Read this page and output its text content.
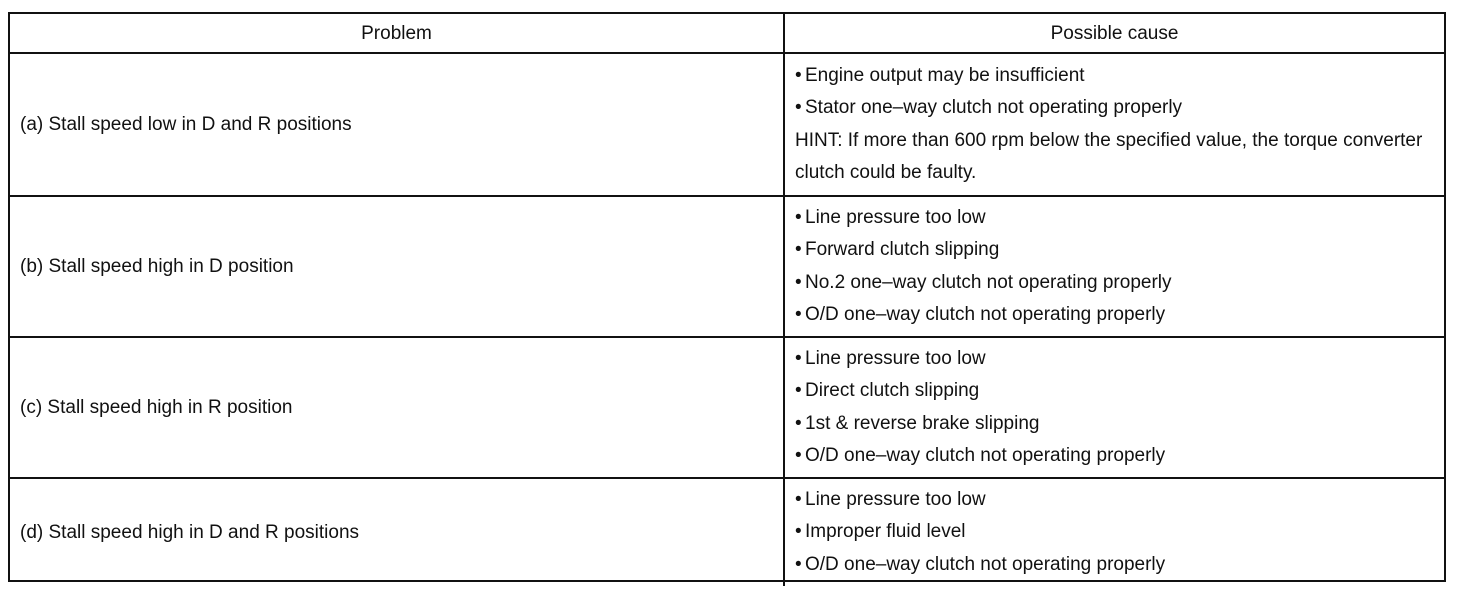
Problem	Possible cause
(a) Stall speed low in D and R positions	• Engine output may be insufficient
• Stator one–way clutch not operating properly
HINT: If more than 600 rpm below the specified value, the torque converter clutch could be faulty.

(b) Stall speed high in D position	• Line pressure too low
• Forward clutch slipping
• No.2 one–way clutch not operating properly
• O/D one–way clutch not operating properly

(c) Stall speed high in R position	• Line pressure too low
• Direct clutch slipping
• 1st & reverse brake slipping
• O/D one–way clutch not operating properly

(d) Stall speed high in D and R positions	• Line pressure too low
• Improper fluid level
• O/D one–way clutch not operating properly
